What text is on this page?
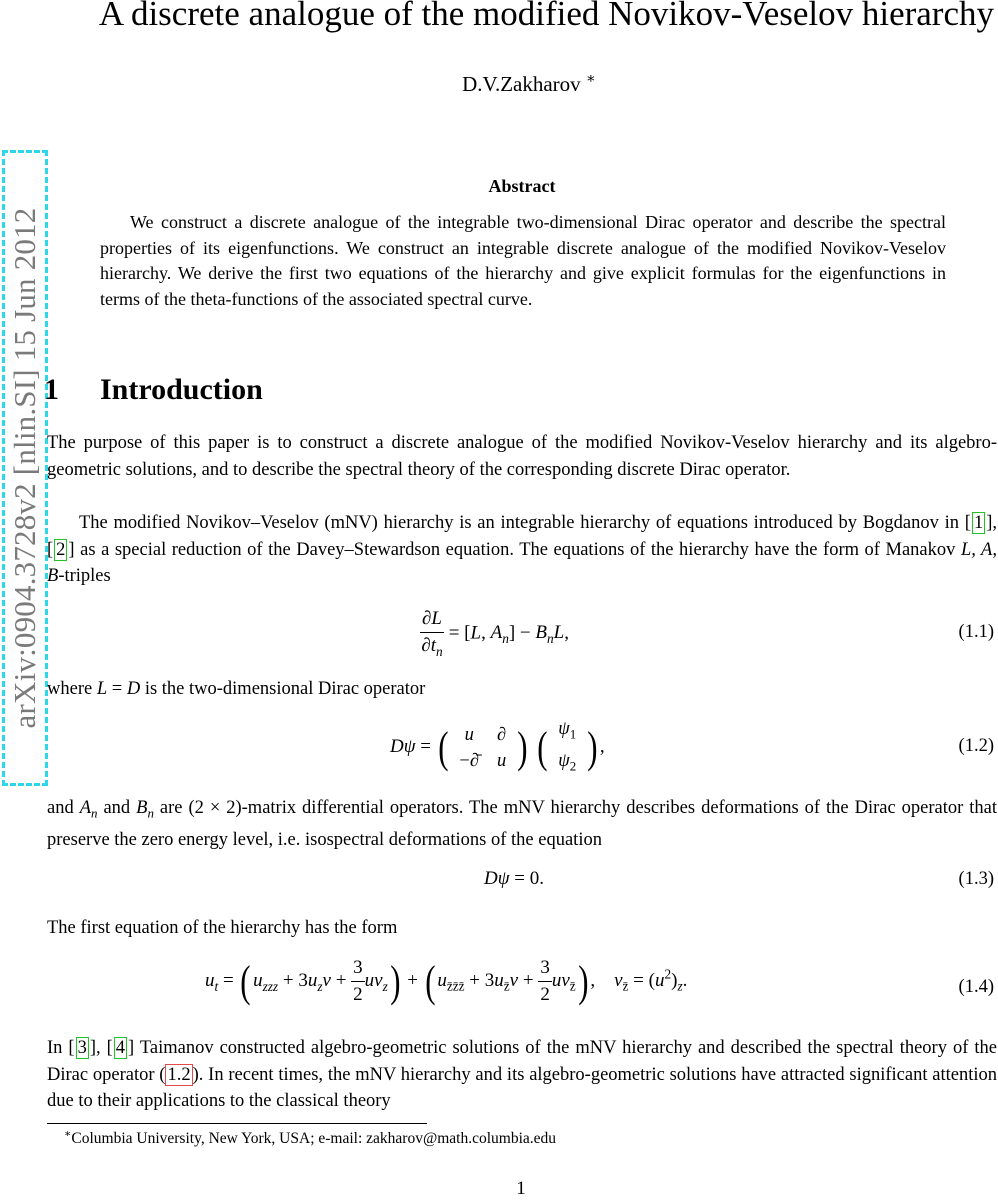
A discrete analogue of the modified Novikov-Veselov hierarchy
D.V.Zakharov ∗
arXiv:0904.3728v2 [nlin.SI] 15 Jun 2012
Abstract

We construct a discrete analogue of the integrable two-dimensional Dirac operator and describe the spectral properties of its eigenfunctions. We construct an integrable discrete analogue of the modified Novikov-Veselov hierarchy. We derive the first two equations of the hierarchy and give explicit formulas for the eigenfunctions in terms of the theta-functions of the associated spectral curve.

1 Introduction

The purpose of this paper is to construct a discrete analogue of the modified Novikov-Veselov hierarchy and its algebro-geometric solutions, and to describe the spectral theory of the corresponding discrete Dirac operator.

The modified Novikov–Veselov (mNV) hierarchy is an integrable hierarchy of equations introduced by Bogdanov in [ 1 ], [ 2 ] as a special reduction of the Davey–Stewardson equation. The equations of the hierarchy have the form of Manakov L, A, B-triples

$\frac{\partial L}{\partial t_n} = [L$, $A_n] - B_nL$,	(1.1)

where L = D is the two-dimensional Dirac operator

Dψ = ( u	∂
−∂̄	u ) ( $\psi_1$
$\psi_2$ ) ,	(1.2)

and $A_n$ and $B_n$ are (2 × 2)-matrix differential operators. The mNV hierarchy describes deformations of the Dirac operator that preserve the zero energy level, i.e. isospectral deformations of the equation

Dψ = 0.	(1.3)

The first equation of the hierarchy has the form

$u_t$ = ( $u_{zzz} + 3u_zv + \frac{3}{2} uv_z$) + ( $u_{z̄z̄z̄} + 3u_{z̄}v + \frac{3}{2} uv_{z̄}$) ,    $v_{z̄} = (u^2)_z$.	(1.4)

In [ 3 ], [ 4 ] Taimanov constructed algebro-geometric solutions of the mNV hierarchy and described the spectral theory of the Dirac operator ( 1.2 ). In recent times, the mNV hierarchy and its algebro-geometric solutions have attracted significant attention due to their applications to the classical theory

∗Columbia University, New York, USA; e-mail: zakharov@math.columbia.edu
1
